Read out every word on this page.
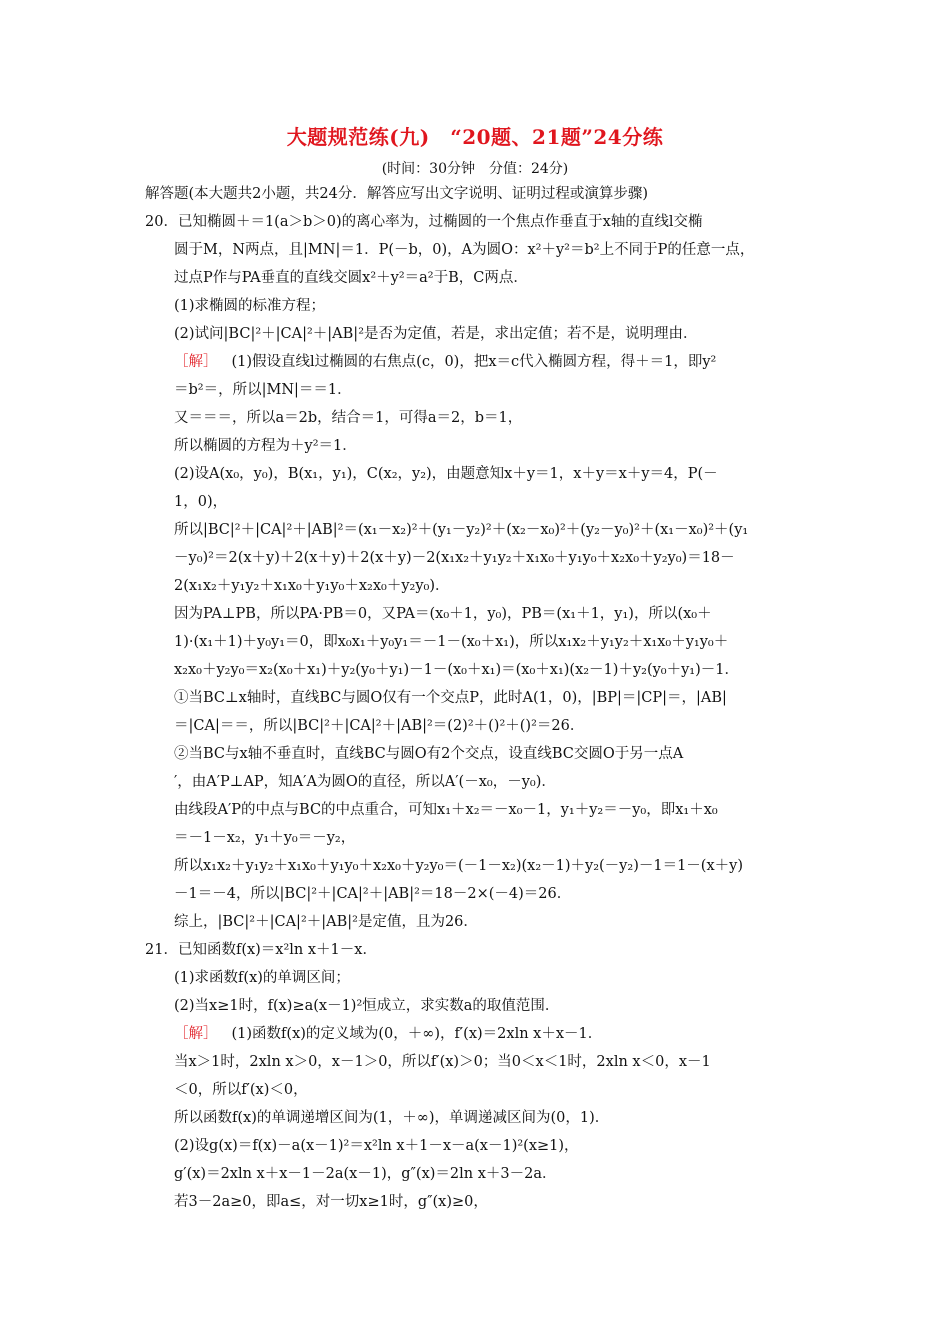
大题规范练(九)　“20题、21题”24分练
(时间：30分钟　分值：24分)
解答题(本大题共2小题，共24分．解答应写出文字说明、证明过程或演算步骤)
20．已知椭圆＋＝1(a＞b＞0)的离心率为，过椭圆的一个焦点作垂直于x轴的直线l交椭
圆于M，N两点，且|MN|＝1．P(－b，0)，A为圆O：x²＋y²＝b²上不同于P的任意一点，
过点P作与PA垂直的直线交圆x²＋y²＝a²于B，C两点．
(1)求椭圆的标准方程；
(2)试问|BC|²＋|CA|²＋|AB|²是否为定值，若是，求出定值；若不是，说明理由．
［解］ (1)假设直线l过椭圆的右焦点(c，0)，把x＝c代入椭圆方程，得＋＝1，即y²
＝b²＝，所以|MN|＝＝1．
又＝＝＝，所以a＝2b，结合＝1，可得a＝2，b＝1，
所以椭圆的方程为＋y²＝1．
(2)设A(x₀，y₀)，B(x₁，y₁)，C(x₂，y₂)，由题意知x＋y＝1，x＋y＝x＋y＝4，P(－
1，0)，
所以|BC|²＋|CA|²＋|AB|²＝(x₁－x₂)²＋(y₁－y₂)²＋(x₂－x₀)²＋(y₂－y₀)²＋(x₁－x₀)²＋(y₁
－y₀)²＝2(x＋y)＋2(x＋y)＋2(x＋y)－2(x₁x₂＋y₁y₂＋x₁x₀＋y₁y₀＋x₂x₀＋y₂y₀)＝18－
2(x₁x₂＋y₁y₂＋x₁x₀＋y₁y₀＋x₂x₀＋y₂y₀)．
因为PA⊥PB，所以PA·PB＝0，又PA＝(x₀＋1，y₀)，PB＝(x₁＋1，y₁)，所以(x₀＋
1)·(x₁＋1)＋y₀y₁＝0，即x₀x₁＋y₀y₁＝－1－(x₀＋x₁)，所以x₁x₂＋y₁y₂＋x₁x₀＋y₁y₀＋
x₂x₀＋y₂y₀＝x₂(x₀＋x₁)＋y₂(y₀＋y₁)－1－(x₀＋x₁)＝(x₀＋x₁)(x₂－1)＋y₂(y₀＋y₁)－1．
①当BC⊥x轴时，直线BC与圆O仅有一个交点P，此时A(1，0)，|BP|＝|CP|＝，|AB|
＝|CA|＝＝，所以|BC|²＋|CA|²＋|AB|²＝(2)²＋()²＋()²＝26．
②当BC与x轴不垂直时，直线BC与圆O有2个交点，设直线BC交圆O于另一点A
′，由A′P⊥AP，知A′A为圆O的直径，所以A′(－x₀，－y₀)．
由线段A′P的中点与BC的中点重合，可知x₁＋x₂＝－x₀－1，y₁＋y₂＝－y₀，即x₁＋x₀
＝－1－x₂，y₁＋y₀＝－y₂，
所以x₁x₂＋y₁y₂＋x₁x₀＋y₁y₀＋x₂x₀＋y₂y₀＝(－1－x₂)(x₂－1)＋y₂(－y₂)－1＝1－(x＋y)
－1＝－4，所以|BC|²＋|CA|²＋|AB|²＝18－2×(－4)＝26．
综上，|BC|²＋|CA|²＋|AB|²是定值，且为26．
21．已知函数f(x)＝x²ln x＋1－x．
(1)求函数f(x)的单调区间；
(2)当x≥1时，f(x)≥a(x－1)²恒成立，求实数a的取值范围．
［解］ (1)函数f(x)的定义域为(0，＋∞)，f′(x)＝2xln x＋x－1．
当x＞1时，2xln x＞0，x－1＞0，所以f′(x)＞0；当0＜x＜1时，2xln x＜0，x－1
＜0，所以f′(x)＜0，
所以函数f(x)的单调递增区间为(1，＋∞)，单调递减区间为(0，1)．
(2)设g(x)＝f(x)－a(x－1)²＝x²ln x＋1－x－a(x－1)²(x≥1)，
g′(x)＝2xln x＋x－1－2a(x－1)，g″(x)＝2ln x＋3－2a．
若3－2a≥0，即a≤，对一切x≥1时，g″(x)≥0，
